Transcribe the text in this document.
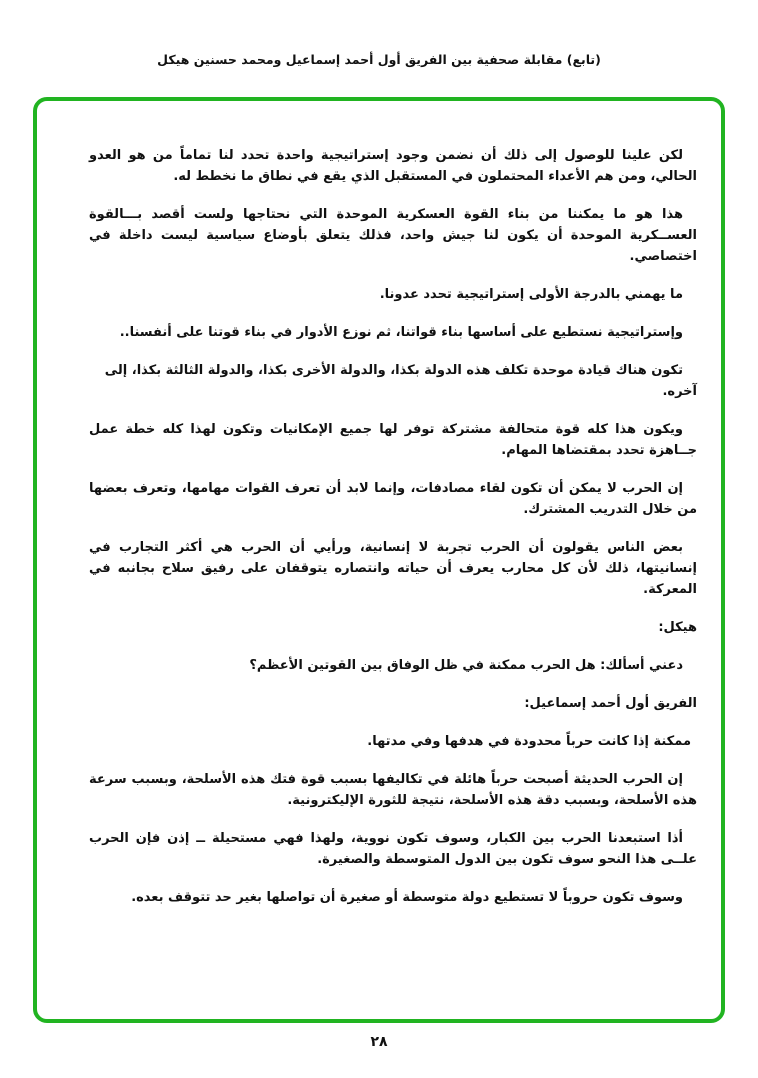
(تابع) مقابلة صحفية بين الفريق أول أحمد إسماعيل ومحمد حسنين هيكل

لكن علينا للوصول إلى ذلك أن نضمن وجود إستراتيجية واحدة تحدد لنا تماماً من هو العدو الحالي، ومن هم الأعداء المحتملون في المستقبل الذي يقع في نطاق ما نخطط له.

هذا هو ما يمكننا من بناء القوة العسكرية الموحدة التي نحتاجها ولست أقصد بـــالقوة العســكرية الموحدة أن يكون لنا جيش واحد، فذلك يتعلق بأوضاع سياسية ليست داخلة في اختصاصي.

ما يهمني بالدرجة الأولى إستراتيجية تحدد عدونا.

وإستراتيجية نستطيع على أساسها بناء قواتنا، ثم نوزع الأدوار في بناء قوتنا على أنفسنا..

تكون هناك قيادة موحدة تكلف هذه الدولة بكذا، والدولة الأخرى بكذا، والدولة الثالثة بكذا، إلى آخره.

ويكون هذا كله قوة متحالفة مشتركة توفر لها جميع الإمكانيات وتكون لهذا كله خطة عمل جــاهزة تحدد بمقتضاها المهام.

إن الحرب لا يمكن أن تكون لقاء مصادفات، وإنما لابد أن تعرف القوات مهامها، وتعرف بعضها من خلال التدريب المشترك.

بعض الناس يقولون أن الحرب تجربة لا إنسانية، ورأيي أن الحرب هي أكثر التجارب في إنسانيتها، ذلك لأن كل محارب يعرف أن حياته وانتصاره يتوقفان على رفيق سلاح بجانبه في المعركة.

هيكل:

دعني أسألك: هل الحرب ممكنة في ظل الوفاق بين القوتين الأعظم؟

الفريق أول أحمد إسماعيل:

ممكنة إذا كانت حرباً محدودة في هدفها وفي مدتها.

إن الحرب الحديثة أصبحت حرباً هائلة في تكاليفها بسبب قوة فتك هذه الأسلحة، وبسبب سرعة هذه الأسلحة، وبسبب دقة هذه الأسلحة، نتيجة للثورة الإليكترونية.

أذا استبعدنا الحرب بين الكبار، وسوف تكون نووية، ولهذا فهي مستحيلة ــ إذن فإن الحرب علــى هذا النحو سوف تكون بين الدول المتوسطة والصغيرة.

وسوف تكون حروباً لا تستطيع دولة متوسطة أو صغيرة أن تواصلها بغير حد تتوقف بعده.

٢٨
